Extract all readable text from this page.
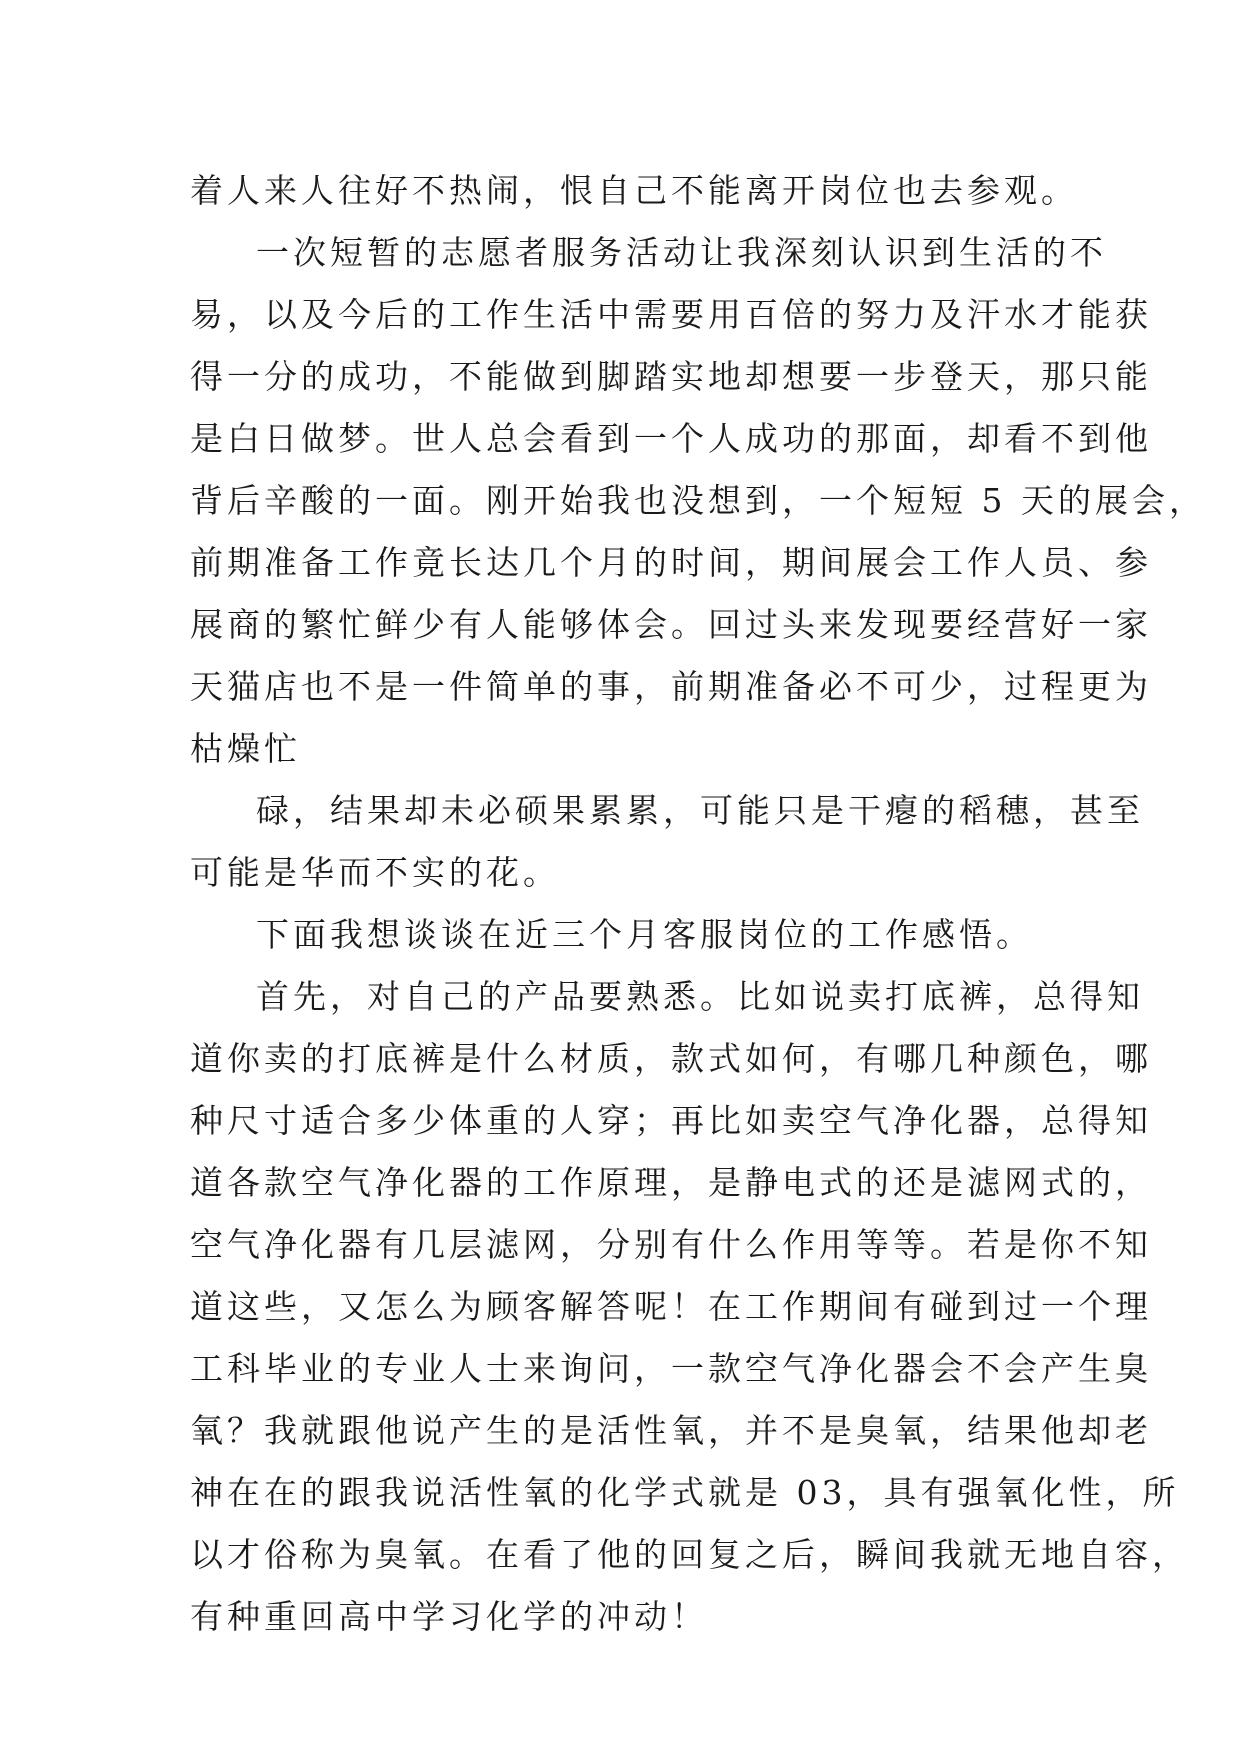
着人来人往好不热闹，恨自己不能离开岗位也去参观。
一次短暂的志愿者服务活动让我深刻认识到生活的不
易，以及今后的工作生活中需要用百倍的努力及汗水才能获
得一分的成功，不能做到脚踏实地却想要一步登天，那只能
是白日做梦。世人总会看到一个人成功的那面，却看不到他
背后辛酸的一面。刚开始我也没想到，一个短短 5 天的展会，
前期准备工作竟长达几个月的时间，期间展会工作人员、参
展商的繁忙鲜少有人能够体会。回过头来发现要经营好一家
天猫店也不是一件简单的事，前期准备必不可少，过程更为
枯燥忙
碌，结果却未必硕果累累，可能只是干瘪的稻穗，甚至
可能是华而不实的花。
下面我想谈谈在近三个月客服岗位的工作感悟。
首先，对自己的产品要熟悉。比如说卖打底裤，总得知
道你卖的打底裤是什么材质，款式如何，有哪几种颜色，哪
种尺寸适合多少体重的人穿；再比如卖空气净化器，总得知
道各款空气净化器的工作原理，是静电式的还是滤网式的，
空气净化器有几层滤网，分别有什么作用等等。若是你不知
道这些，又怎么为顾客解答呢！在工作期间有碰到过一个理
工科毕业的专业人士来询问，一款空气净化器会不会产生臭
氧？我就跟他说产生的是活性氧，并不是臭氧，结果他却老
神在在的跟我说活性氧的化学式就是 03，具有强氧化性，所
以才俗称为臭氧。在看了他的回复之后，瞬间我就无地自容，
有种重回高中学习化学的冲动！
